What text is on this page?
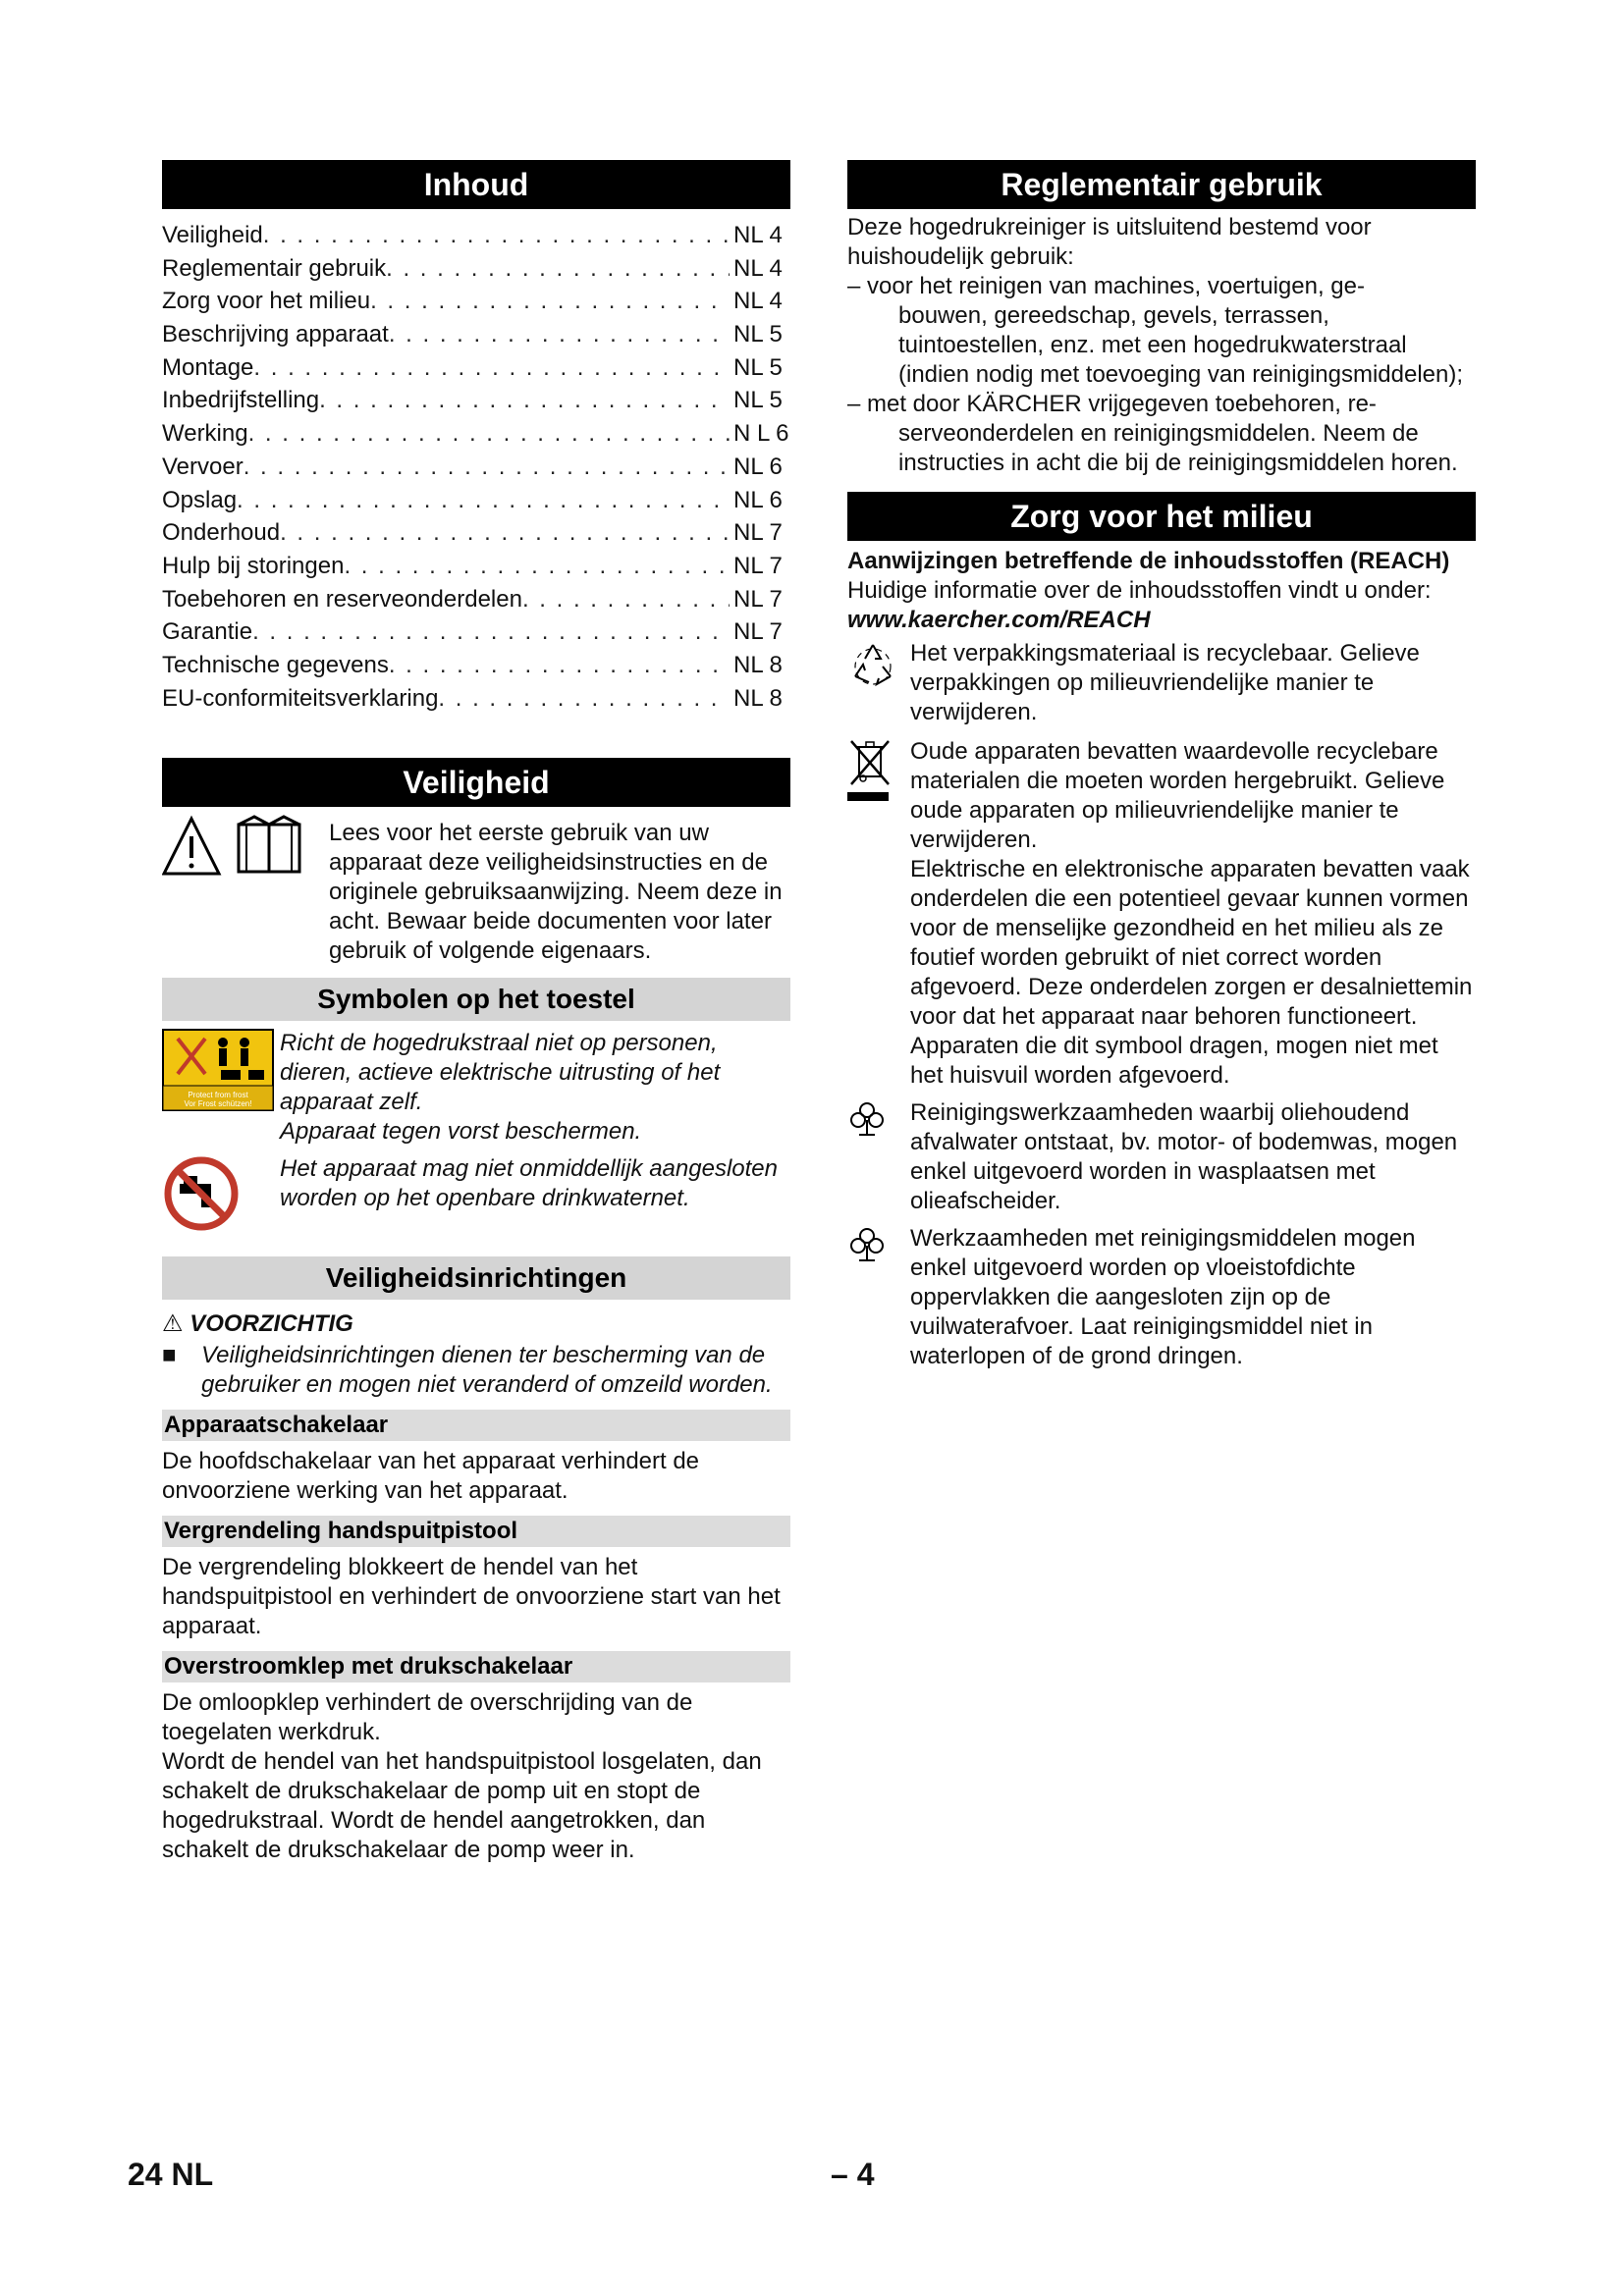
Inhoud
Veiligheid . . .	NL 4
Reglementair gebruik . . .	NL 4
Zorg voor het milieu . . .	NL 4
Beschrijving apparaat . . .	NL 5
Montage . . .	NL 5
Inbedrijfstelling . . .	NL 5
Werking . . .	N L 6
Vervoer . . .	NL 6
Opslag . . .	NL 6
Onderhoud . . .	NL 7
Hulp bij storingen . . .	NL 7
Toebehoren en reserveonderdelen . . .	NL 7
Garantie . . .	NL 7
Technische gegevens . . .	NL 8
EU-conformiteitsverklaring . . .	NL 8
Veiligheid

Lees voor het eerste gebruik van uw apparaat deze veiligheidsinstructies en de originele gebruiksaanwijzing. Neem deze in acht. Bewaar beide documenten voor later gebruik of volgende eigenaars.

Symbolen op het toestel
Protect from frost
Vor Frost schützen!

Richt de hogedrukstraal niet op personen, dieren, actieve elektrische uitrusting of het apparaat zelf.

Apparaat tegen vorst beschermen.

Het apparaat mag niet onmiddellijk aangesloten worden op het openbare drinkwaternet.

Veiligheidsinrichtingen
⚠ VOORZICHTIG
■	Veiligheidsinrichtingen dienen ter bescherming van de gebruiker en mogen niet veranderd of omzeild worden.

Apparaatschakelaar

De hoofdschakelaar van het apparaat verhindert de onvoorziene werking van het apparaat.

Vergrendeling handspuitpistool

De vergrendeling blokkeert de hendel van het handspuitpistool en verhindert de onvoorziene start van het apparaat.

Overstroomklep met drukschakelaar

De omloopklep verhindert de overschrijding van de toegelaten werkdruk.

Wordt de hendel van het handspuitpistool losgelaten, dan schakelt de drukschakelaar de pomp uit en stopt de hogedrukstraal. Wordt de hendel aangetrokken, dan schakelt de drukschakelaar de pomp weer in.

Reglementair gebruik

Deze hogedrukreiniger is uitsluitend bestemd voor huishoudelijk gebruik:

– voor het reinigen van machines, voertuigen, ge-
bouwen, gereedschap, gevels, terrassen, tuintoestellen, enz. met een hogedrukwaterstraal (indien nodig met toevoeging van reinigingsmiddelen);
– met door KÄRCHER vrijgegeven toebehoren, re-
serveonderdelen en reinigingsmiddelen. Neem de instructies in acht die bij de reinigingsmiddelen horen.
Zorg voor het milieu

Aanwijzingen betreffende de inhoudsstoffen (REACH)

Huidige informatie over de inhoudsstoffen vindt u onder:

www.kaercher.com/REACH

Het verpakkingsmateriaal is recyclebaar. Gelieve verpakkingen op milieuvriendelijke manier te verwijderen.

Oude apparaten bevatten waardevolle recyclebare materialen die moeten worden hergebruikt. Gelieve oude apparaten op milieuvriendelijke manier te verwijderen.

Elektrische en elektronische apparaten bevatten vaak onderdelen die een potentieel gevaar kunnen vormen voor de menselijke gezondheid en het milieu als ze foutief worden gebruikt of niet correct worden afgevoerd. Deze onderdelen zorgen er desalniettemin voor dat het apparaat naar behoren functioneert. Apparaten die dit symbool dragen, mogen niet met het huisvuil worden afgevoerd.

Reinigingswerkzaamheden waarbij oliehoudend afvalwater ontstaat, bv. motor- of bodemwas, mogen enkel uitgevoerd worden in wasplaatsen met olieafscheider.

Werkzaamheden met reinigingsmiddelen mogen enkel uitgevoerd worden op vloeistofdichte oppervlakken die aangesloten zijn op de vuilwaterafvoer. Laat reinigingsmiddel niet in waterlopen of de grond dringen.

24 NL	– 4
